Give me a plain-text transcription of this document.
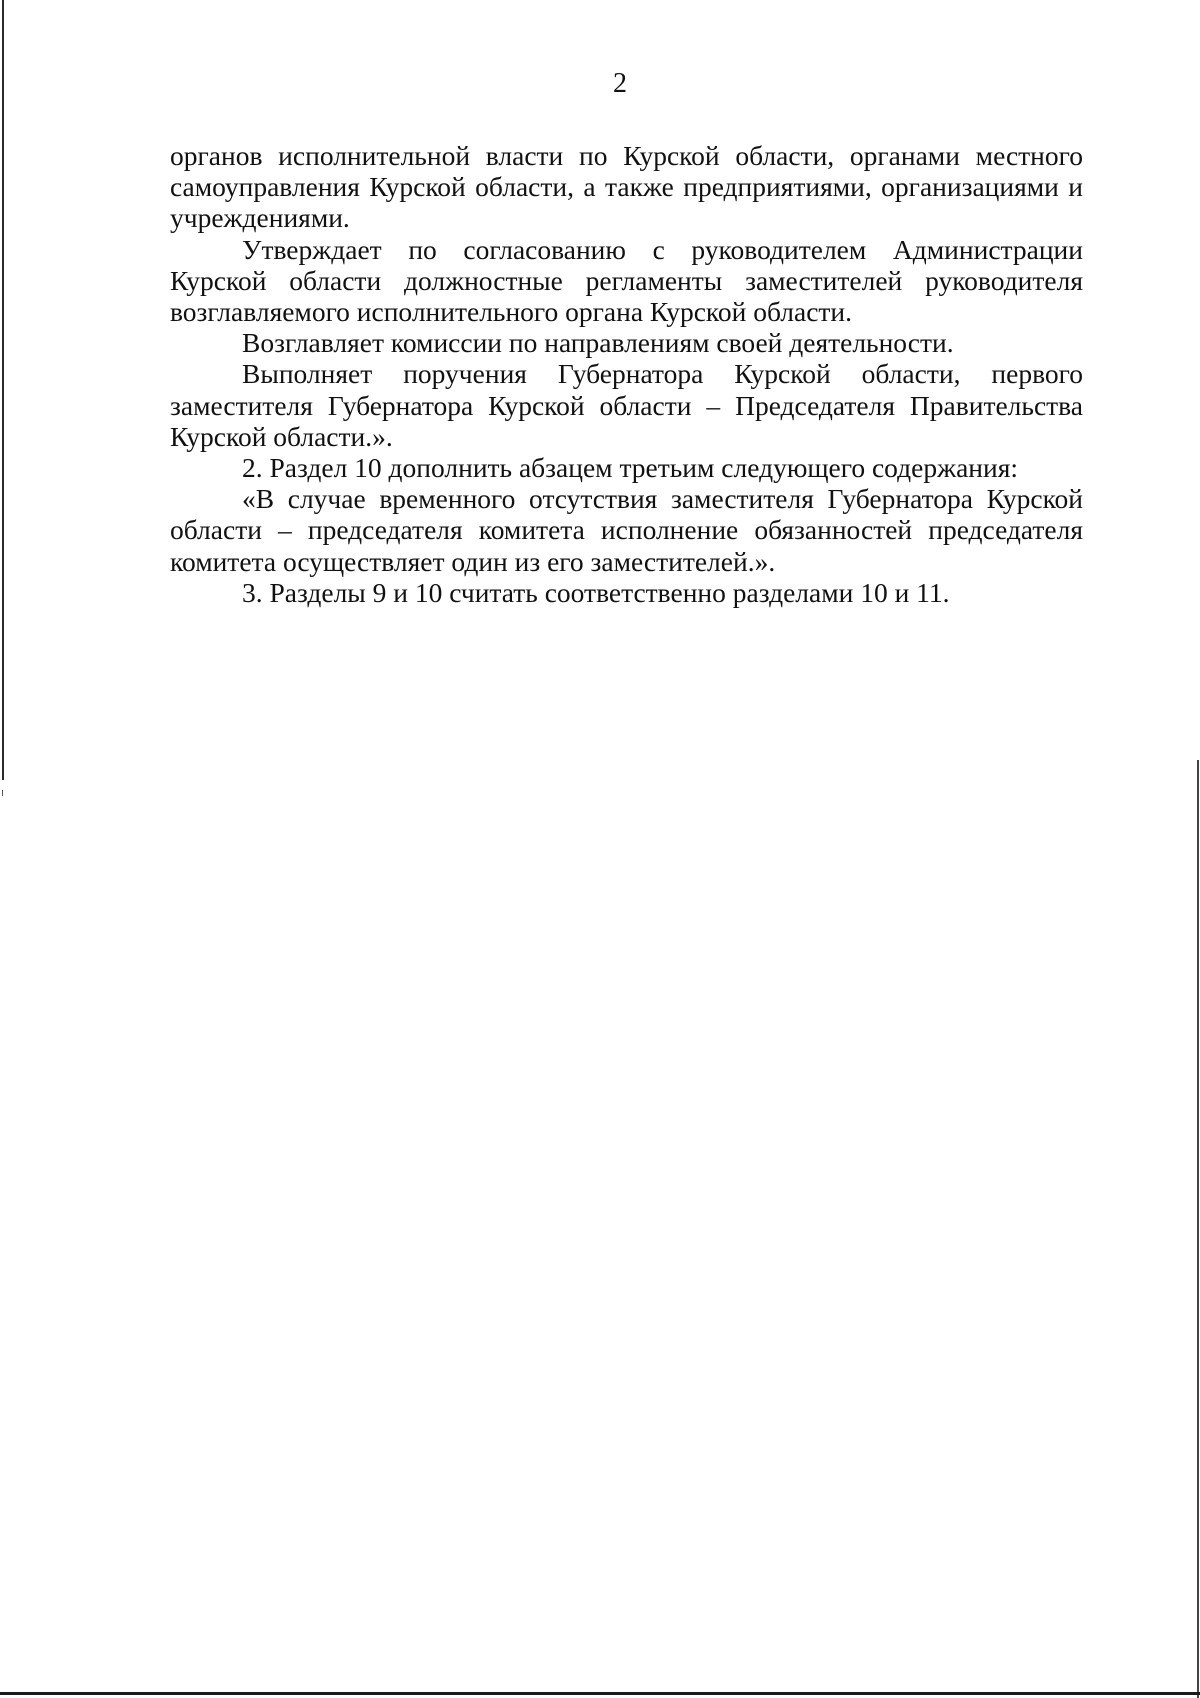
2

органов исполнительной власти по Курской области, органами местного самоуправления Курской области, а также предприятиями, организациями и учреждениями.

Утверждает по согласованию с руководителем Администрации Курской области должностные регламенты заместителей руководителя возглавляемого исполнительного органа Курской области.

Возглавляет комиссии по направлениям своей деятельности.

Выполняет поручения Губернатора Курской области, первого заместителя Губернатора Курской области – Председателя Правительства Курской области.».

2. Раздел 10 дополнить абзацем третьим следующего содержания:

«В случае временного отсутствия заместителя Губернатора Курской области – председателя комитета исполнение обязанностей председателя комитета осуществляет один из его заместителей.».

3. Разделы 9 и 10 считать соответственно разделами 10 и 11.
